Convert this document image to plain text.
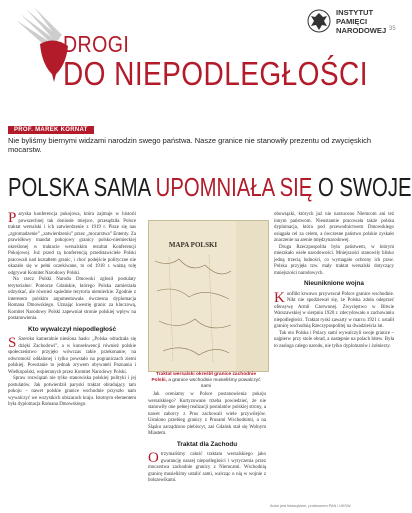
DROGI
DO NIEPODLEGŁOŚCI
INSTYTUT
PAMIĘCI
NARODOWEJ 35
PROF. MAREK KORNAT
Nie byliśmy biernymi widzami narodzin swego państwa. Nasze granice nie stanowiły prezentu od zwycięskich mocarstw.
POLSKA SAMA UPOMNIAŁA SIĘ O SWOJE

Paryska konferencja pokojowa, która zajmuje w historii powszechnej tak doniosłe miejsce, przesądziła Polsce traktat wersalski i ich zatwierdzenie z 1919 r. Pisze się nas „zgromadzenie” „zatwierdzeniu” przez „mocarstwa” Ententy. Za prawidłowy mandat pokojowy granicy polsko-niemieckiej określonej w traktacie wersalskim rezultat Konferencji Pokojowej. Już przed tą konferencją przedstawiciele Polski pracowali nad kształtem granic, i choć podejście polityczne nie okazało się w pełni oczekiwane, to od 1918 r. ważną rolę odgrywał Komitet Narodowy Polski.

Na rzecz Polski Narodu Dmowski zgłosił postulaty terytorialne: Pomorze Gdańskie, którego Polska zamierzała odzyskać, ale również sąsiednie terytoria niemieckie. Zgodnie z interesem polskim argumentowała ówczesna dyplomacja Romana Dmowskiego. Uznając kwestię granic za kluczową, Komitet Narodowy Polski zapewniał stronie polskiej wpływ na postanowienia.

Kto wywalczył niepodległość

S Szeroko kameralnie niesiona hasło: „Polska odradzała się dzięki Zachodowi”, a w konsekwencji również polskie społeczeństwo przyjęło wówczas takie przekonanie, na odwrotność oddalonej i tylko powstało na pograniczach ziemi polskiej. Powstanie to jednak zrywem obywateli Poznania i Wielkopolski, wspieranych przez Komitet Narodowy Polski.

Spraw rozwiązań nie tylko stanowiska polskiej polityki i jej postulatów. Jak potwierdził paryski traktat obradujący tam pokoju – nawet polskie granice wschodnie przyszło nam wywalczyć we wszystkich obszarach kraju. Istotnym elementem była dyplomacja Romana Dmowskiego.

MAPA POLSKI
Traktat wersalski określił granice zachodnie Polski, a granice wschodnie musieliśmy powalczyć sami

Jak oceniamy w Polsce postanowienia pokoju wersalskiego? Kurtyzowane trzeba powiedzieć, że nie stanowiły one pełnej realizacji postulatów polskiej strony, a nawet zaborcy z Prus zachowali wiele przywilejów. Ustalono przebieg granicy z Prusami Wschodnimi, a na Śląsku zarządzono plebiscyt, zaś Gdańsk stał się Wolnym Miastem.

Traktat dla Zachodu

Otrzymaliśmy całość traktatu wersalskiego jako gwarancję naszej niepodległości i wytyczenia przez mocarstwa zachodnie granicy z Niemcami. Wschodnią granicę musieliśmy ustalić sami, walcząc o nią w wojnie z bolszewikami.

obowiązki, których już nie narzucono Niemcom ani też innym państwom. Nieustannie pracowała także polska dyplomacja, która pod przewodnictwem Dmowskiego osiągała cel za celem, a ówczesne państwo polskie zyskało znaczenie na arenie międzynarodowej.

Druga Rzeczpospolita była państwem, w którym mieszkało wiele narodowości. Mniejszości stanowiły blisko jedną trzecią ludności, co wymagało ochrony ich praw. Polska przyjęła tzw. mały traktat wersalski dotyczący mniejszości narodowych.

Nieuniknione wojna

Konflikt krwawo przywracał Polsce granice wschodnie. Nikt nie spodziewał się, że Polska zdoła odeprzeć ofensywę Armii Czerwonej. Zwycięstwo w Bitwie Warszawskiej w sierpniu 1920 r. zdecydowało o zachowaniu niepodległości. Traktat ryski zawarty w marcu 1921 r. ustalił granicę wschodnią Rzeczypospolitej na dwadzieścia lat.

Tak oto Polska i Polacy sami wywalczyli swoje granice – najpierw przy stole obrad, a następnie na polach bitew. Była to zasługa całego narodu, nie tylko dyplomatów i żołnierzy.

Autor jest historykiem, profesorem PAN i UKSW
